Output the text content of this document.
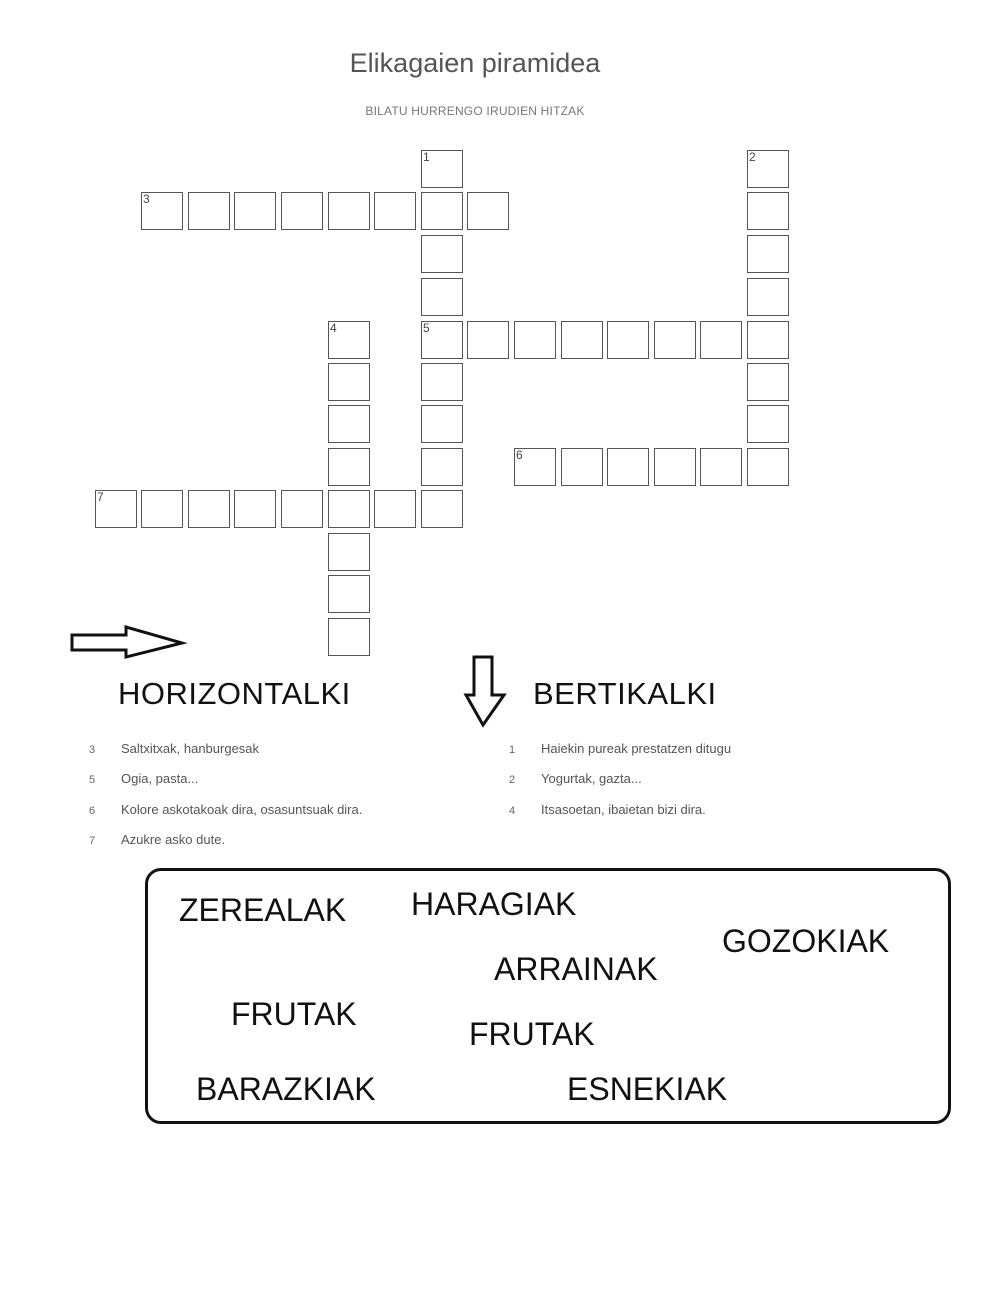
Elikagaien piramidea
BILATU HURRENGO IRUDIEN HITZAK
3
5
6
7
1	2
4
HORIZONTALKI	BERTIKALKI
3 Saltxitxak, hanburgesak
5 Ogia, pasta...
6 Kolore askotakoak dira, osasuntsuak dira.
7 Azukre asko dute.
1 Haiekin pureak prestatzen ditugu
2 Yogurtak, gazta...
4 Itsasoetan, ibaietan bizi dira.
ZEREALAK HARAGIAK
GOZOKIAK
ARRAINAK
FRUTAK
FRUTAK
BARAZKIAK	ESNEKIAK
